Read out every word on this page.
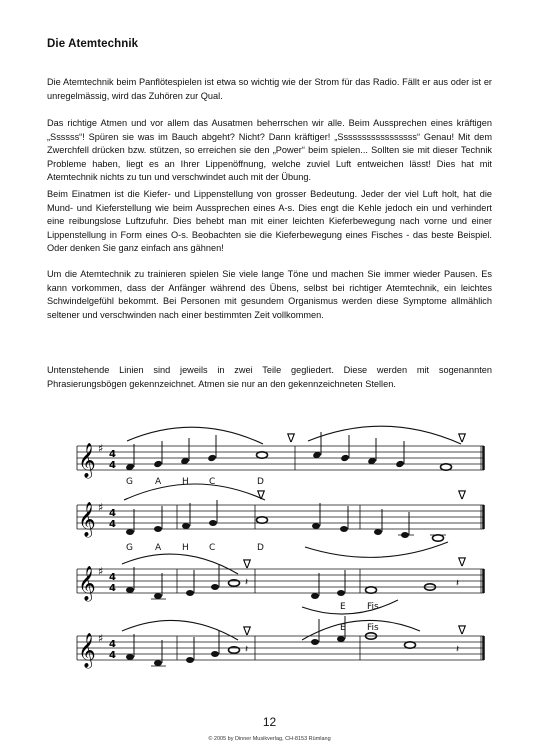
Die Atemtechnik

Die Atemtechnik beim Panflötespielen ist etwa so wichtig wie der Strom für das Radio. Fällt er aus oder ist er unregelmässig, wird das Zuhören zur Qual.

Das richtige Atmen und vor allem das Ausatmen beherrschen wir alle. Beim Aussprechen eines kräftigen „Ssssss“! Spüren sie was im Bauch abgeht? Nicht? Dann kräftiger! „Sssssssssssssssss“ Genau! Mit dem Zwerchfell drücken bzw. stützen, so erreichen sie den „Power“ beim spielen... Sollten sie mit dieser Technik Probleme haben, liegt es an Ihrer Lippenöffnung, welche zuviel Luft entweichen lässt! Dies hat mit Atemtechnik nichts zu tun und verschwindet auch mit der Übung.

Beim Einatmen ist die Kiefer- und Lippenstellung von grosser Bedeutung. Jeder der viel Luft holt, hat die Mund- und Kieferstellung wie beim Aussprechen eines A-s. Dies engt die Kehle jedoch ein und verhindert eine reibungslose Luftzufuhr. Dies behebt man mit einer leichten Kieferbewegung nach vorne und einer Lippenstellung in Form eines O-s. Beobachten sie die Kieferbewegung eines Fisches - das beste Beispiel. Oder denken Sie ganz einfach ans gähnen!

Um die Atemtechnik zu trainieren spielen Sie viele lange Töne und machen Sie immer wieder Pausen. Es kann vorkommen, dass der Anfänger während des Übens, selbst bei richtiger Atemtechnik, ein leichtes Schwindelgefühl bekommt. Bei Personen mit gesundem Organismus werden diese Symptome allmählich seltener und verschwinden nach einer bestimmten Zeit vollkommen.

Untenstehende Linien sind jeweils in zwei Teile gegliedert. Diese werden mit sogenannten Phrasierungsbögen gekennzeichnet. Atmen sie nur an den gekennzeichneten Stellen.

𝄞 ♯ 4
4
∇	∇
G A H C	D
𝄞 ♯ 4
4
∇	∇
G A H C	D
𝄞 ♯ 4
4
∇	∇
𝄽	𝄽
E Fis
𝄞 ♯ 4
4
∇	∇
𝄽	𝄽
E Fis
12
© 2005 by Dinner Musikverlag, CH-8153 Rümlang
